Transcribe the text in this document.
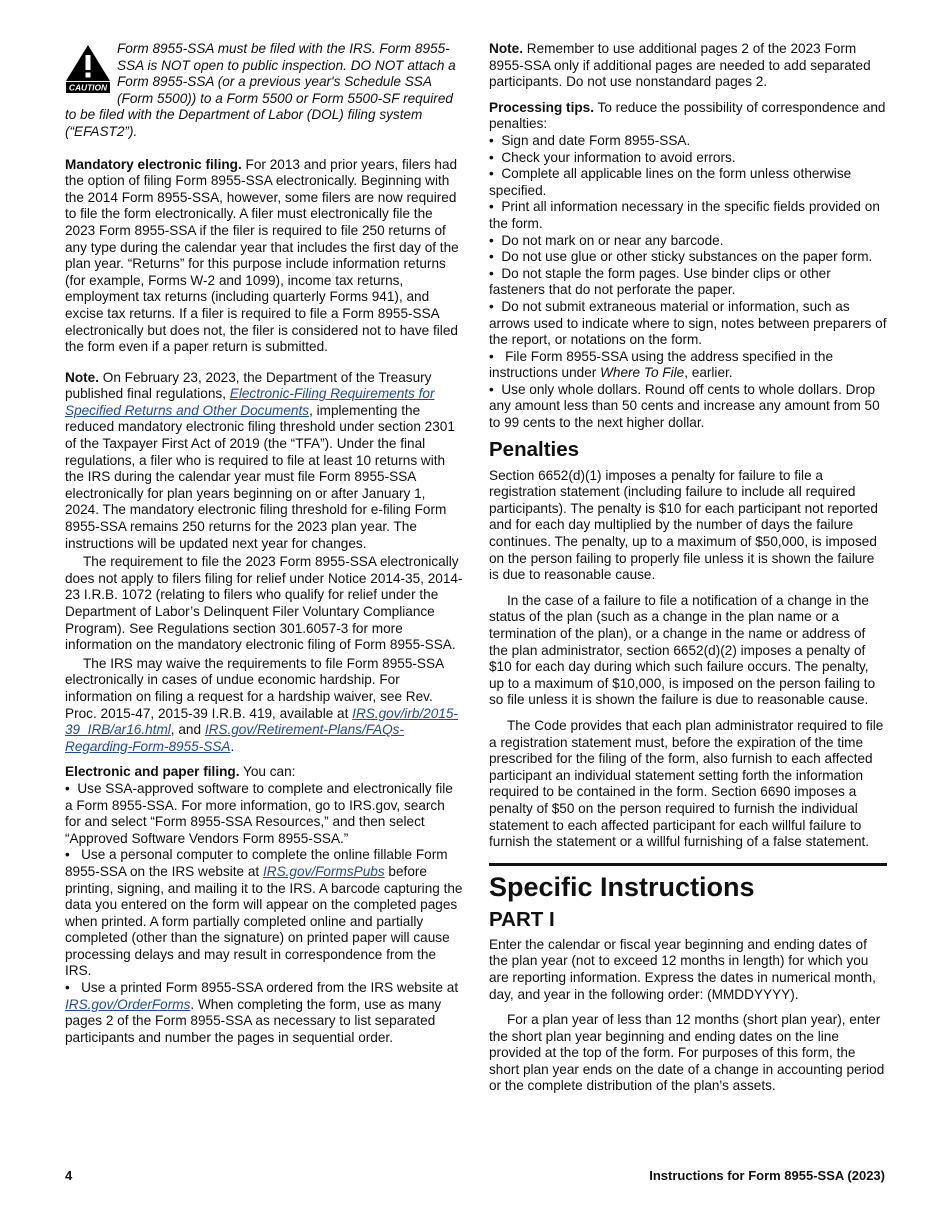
CAUTION
Form 8955-SSA must be filed with the IRS. Form 8955-SSA is NOT open to public inspection. DO NOT attach a Form 8955-SSA (or a previous year's Schedule SSA (Form 5500)) to a Form 5500 or Form 5500-SF required to be filed with the Department of Labor (DOL) filing system (“EFAST2”).

Mandatory electronic filing. For 2013 and prior years, filers had the option of filing Form 8955-SSA electronically. Beginning with the 2014 Form 8955-SSA, however, some filers are now required to file the form electronically. A filer must electronically file the 2023 Form 8955-SSA if the filer is required to file 250 returns of any type during the calendar year that includes the first day of the plan year. “Returns” for this purpose include information returns (for example, Forms W-2 and 1099), income tax returns, employment tax returns (including quarterly Forms 941), and excise tax returns. If a filer is required to file a Form 8955-SSA electronically but does not, the filer is considered not to have filed the form even if a paper return is submitted.

Note. On February 23, 2023, the Department of the Treasury published final regulations, Electronic-Filing Requirements for Specified Returns and Other Documents, implementing the reduced mandatory electronic filing threshold under section 2301 of the Taxpayer First Act of 2019 (the “TFA”). Under the final regulations, a filer who is required to file at least 10 returns with the IRS during the calendar year must file Form 8955-SSA electronically for plan years beginning on or after January 1, 2024. The mandatory electronic filing threshold for e-filing Form 8955-SSA remains 250 returns for the 2023 plan year. The instructions will be updated next year for changes.

The requirement to file the 2023 Form 8955-SSA electronically does not apply to filers filing for relief under Notice 2014-35, 2014-23 I.R.B. 1072 (relating to filers who qualify for relief under the Department of Labor’s Delinquent Filer Voluntary Compliance Program). See Regulations section 301.6057-3 for more information on the mandatory electronic filing of Form 8955-SSA.

The IRS may waive the requirements to file Form 8955-SSA electronically in cases of undue economic hardship. For information on filing a request for a hardship waiver, see Rev. Proc. 2015-47, 2015-39 I.R.B. 419, available at IRS.gov/irb/2015-39_IRB/ar16.html, and IRS.gov/Retirement-Plans/FAQs-Regarding-Form-8955-SSA.

Electronic and paper filing. You can:

•  Use SSA-approved software to complete and electronically file a Form 8955-SSA. For more information, go to IRS.gov, search for and select “Form 8955-SSA Resources,” and then select “Approved Software Vendors Form 8955-SSA.”

•  Use a personal computer to complete the online fillable Form 8955-SSA on the IRS website at IRS.gov/FormsPubs before printing, signing, and mailing it to the IRS. A barcode capturing the data you entered on the form will appear on the completed pages when printed. A form partially completed online and partially completed (other than the signature) on printed paper will cause processing delays and may result in correspondence from the IRS.

•  Use a printed Form 8955-SSA ordered from the IRS website at IRS.gov/OrderForms. When completing the form, use as many pages 2 of the Form 8955-SSA as necessary to list separated participants and number the pages in sequential order.

Note. Remember to use additional pages 2 of the 2023 Form 8955-SSA only if additional pages are needed to add separated participants. Do not use nonstandard pages 2.

Processing tips. To reduce the possibility of correspondence and penalties:

•  Sign and date Form 8955-SSA.

•  Check your information to avoid errors.

•  Complete all applicable lines on the form unless otherwise specified.

•  Print all information necessary in the specific fields provided on the form.

•  Do not mark on or near any barcode.

•  Do not use glue or other sticky substances on the paper form.

•  Do not staple the form pages. Use binder clips or other fasteners that do not perforate the paper.

•  Do not submit extraneous material or information, such as arrows used to indicate where to sign, notes between preparers of the report, or notations on the form.

•  File Form 8955-SSA using the address specified in the instructions under Where To File, earlier.

•  Use only whole dollars. Round off cents to whole dollars. Drop any amount less than 50 cents and increase any amount from 50 to 99 cents to the next higher dollar.

Penalties

Section 6652(d)(1) imposes a penalty for failure to file a registration statement (including failure to include all required participants). The penalty is $10 for each participant not reported and for each day multiplied by the number of days the failure continues. The penalty, up to a maximum of $50,000, is imposed on the person failing to properly file unless it is shown the failure is due to reasonable cause.

In the case of a failure to file a notification of a change in the status of the plan (such as a change in the plan name or a termination of the plan), or a change in the name or address of the plan administrator, section 6652(d)(2) imposes a penalty of $10 for each day during which such failure occurs. The penalty, up to a maximum of $10,000, is imposed on the person failing to so file unless it is shown the failure is due to reasonable cause.

The Code provides that each plan administrator required to file a registration statement must, before the expiration of the time prescribed for the filing of the form, also furnish to each affected participant an individual statement setting forth the information required to be contained in the form. Section 6690 imposes a penalty of $50 on the person required to furnish the individual statement to each affected participant for each willful failure to furnish the statement or a willful furnishing of a false statement.

Specific Instructions
PART I

Enter the calendar or fiscal year beginning and ending dates of the plan year (not to exceed 12 months in length) for which you are reporting information. Express the dates in numerical month, day, and year in the following order: (MMDDYYYY).

For a plan year of less than 12 months (short plan year), enter the short plan year beginning and ending dates on the line provided at the top of the form. For purposes of this form, the short plan year ends on the date of a change in accounting period or the complete distribution of the plan's assets.

4	Instructions for Form 8955-SSA (2023)
